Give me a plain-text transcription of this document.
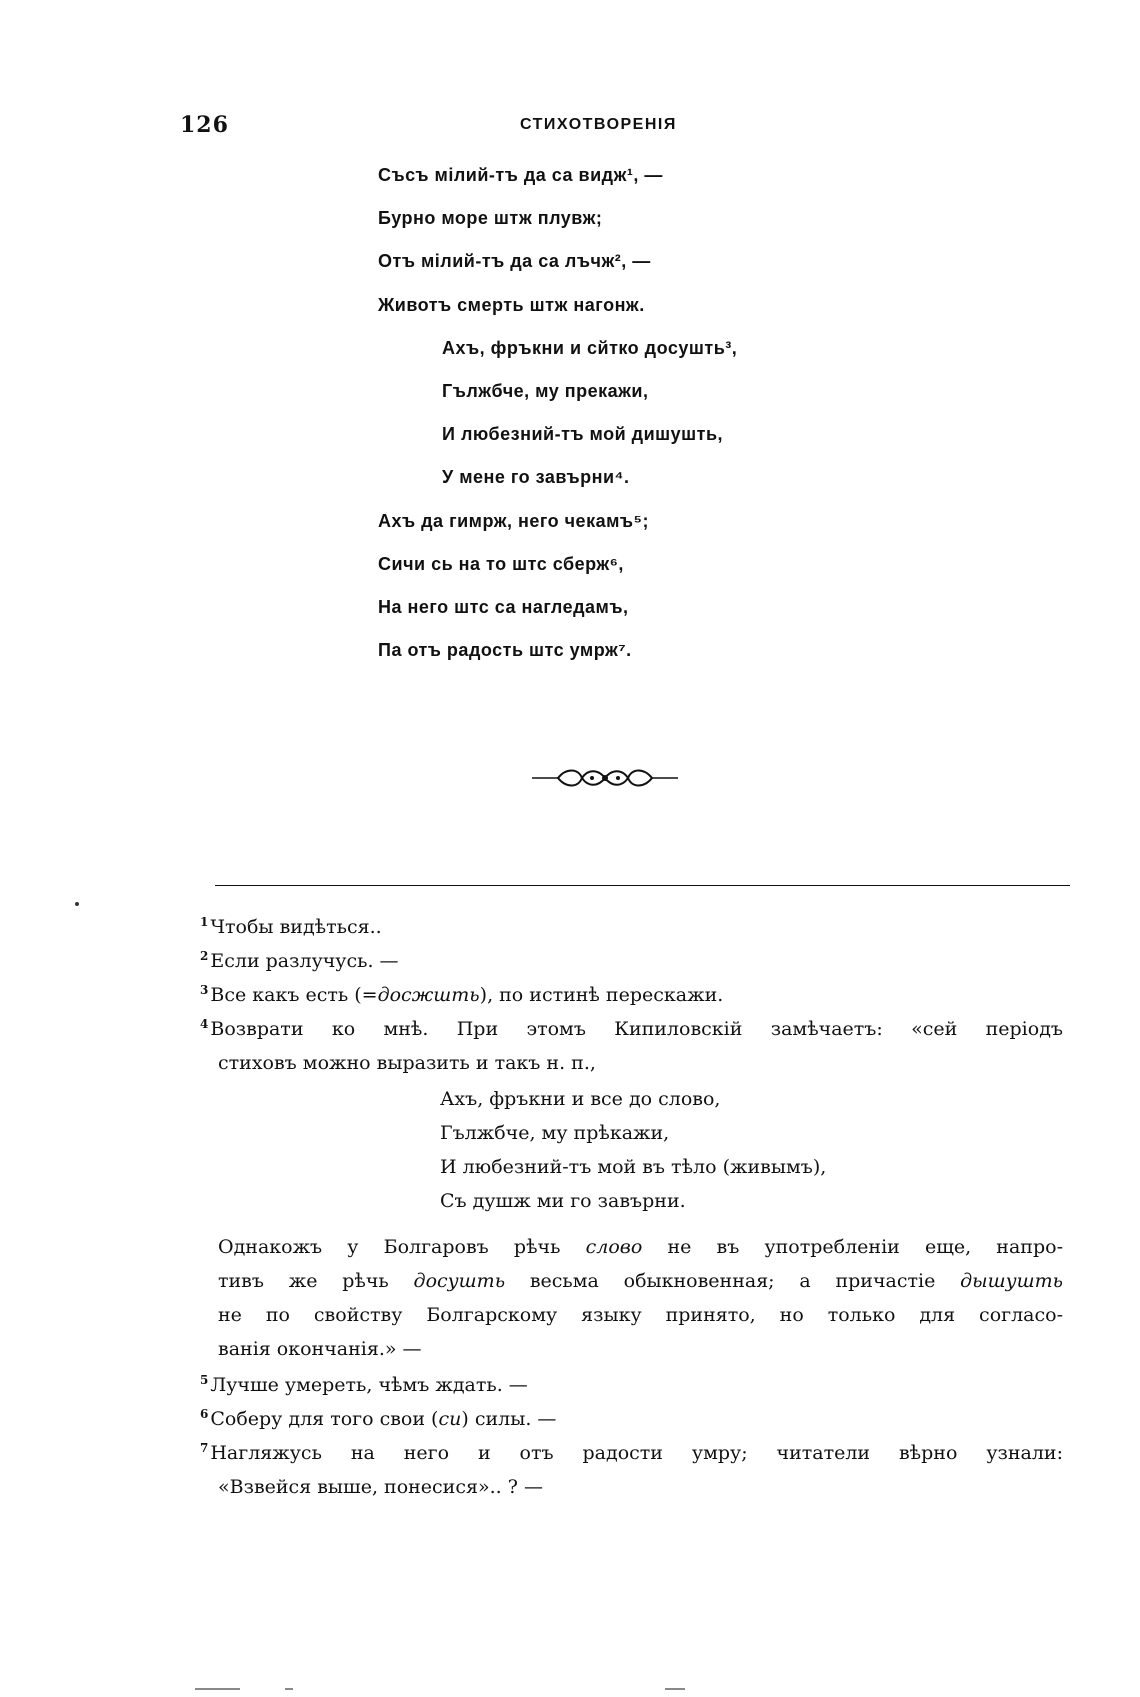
126	СТИХОТВОРЕНІЯ
Съсъ мілий-тъ да са видж¹, —
Бурно море штж плувж;
Отъ мілий-тъ да са лъчж², —
Животъ смерть штж нагонж.
Ахъ, фръкни и сйтко досушть³,
Гължбче, му прекажи,
И любезний-тъ мой дишушть,
У мене го завърни⁴.
Ахъ да гимрж, него чекамъ⁵;
Сичи сь на то штс сберж⁶,
На него штс са нагледамъ,
Па отъ радость штс умрж⁷.
$^1$ Чтобы видѣться..
$^2$ Если разлучусь. —
$^3$ Все какъ есть (=досжшть), по истинѣ перескажи.
$^4$ Возврати ко мнѣ. При этомъ Кипиловскій замѣчаетъ: «сей періодъ
стиховъ можно выразить и такъ н. п.,
Ахъ, фръкни и все до слово,
Гължбче, му прѣкажи,
И любезний-тъ мой въ тѣло (живымъ),
Съ душж ми го завърни.
Однакожъ у Болгаровъ рѣчь слово не въ употребленіи еще, напро-
тивъ же рѣчь досушть весьма обыкновенная; а причастіе дышушть
не по свойству Болгарскому языку принято, но только для согласо-
ванія окончанія.» —
$^5$ Лучше умереть, чѣмъ ждать. —
$^6$ Соберу для того свои (си) силы. —
$^7$ Нагляжусь на него и отъ радости умру; читатели вѣрно узнали:
«Взвейся выше, понесися».. ? —
